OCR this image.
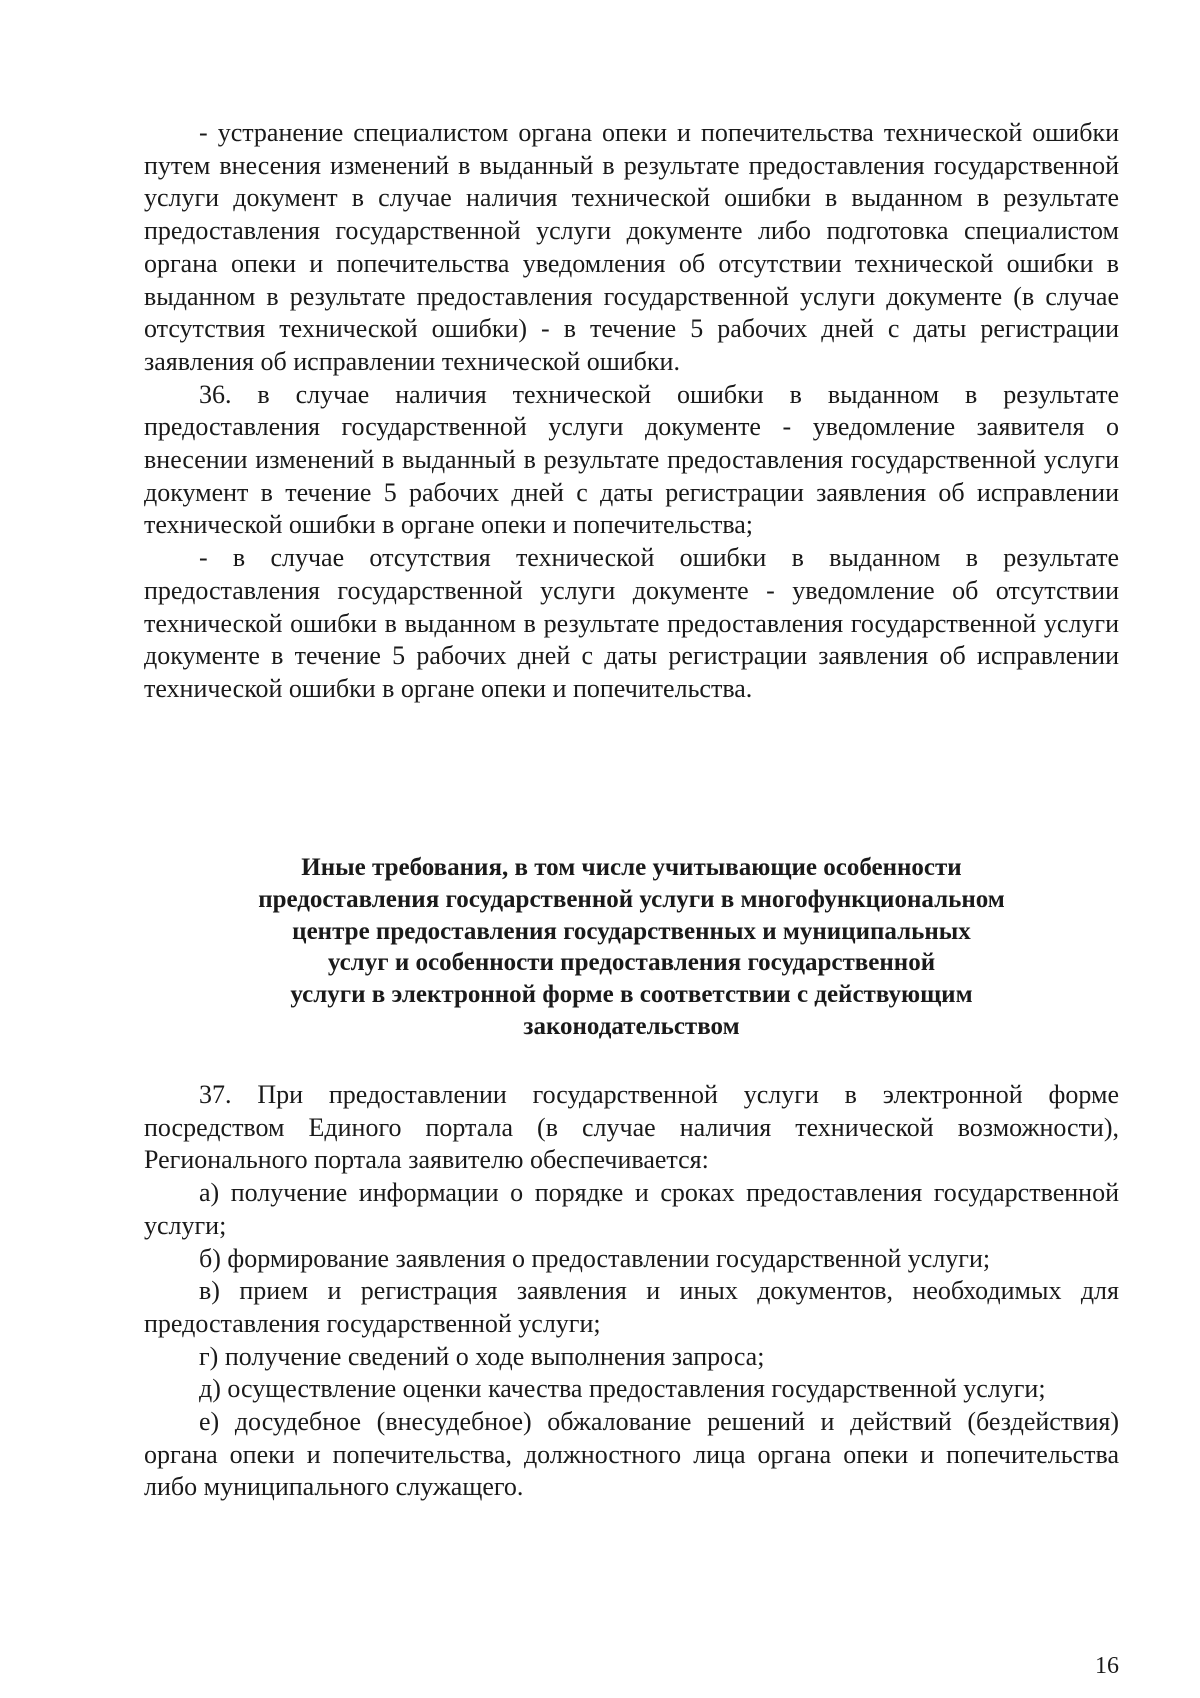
- устранение специалистом органа опеки и попечительства технической ошибки путем внесения изменений в выданный в результате предоставления государственной услуги документ в случае наличия технической ошибки в выданном в результате предоставления государственной услуги документе либо подготовка специалистом органа опеки и попечительства уведомления об отсутствии технической ошибки в выданном в результате предоставления государственной услуги документе (в случае отсутствия технической ошибки) - в течение 5 рабочих дней с даты регистрации заявления об исправлении технической ошибки.

36. в случае наличия технической ошибки в выданном в результате предоставления государственной услуги документе - уведомление заявителя о внесении изменений в выданный в результате предоставления государственной услуги документ в течение 5 рабочих дней с даты регистрации заявления об исправлении технической ошибки в органе опеки и попечительства;

- в случае отсутствия технической ошибки в выданном в результате предоставления государственной услуги документе - уведомление об отсутствии технической ошибки в выданном в результате предоставления государственной услуги документе в течение 5 рабочих дней с даты регистрации заявления об исправлении технической ошибки в органе опеки и попечительства.

Иные требования, в том числе учитывающие особенности
предоставления государственной услуги в многофункциональном
центре предоставления государственных и муниципальных
услуг и особенности предоставления государственной
услуги в электронной форме в соответствии с действующим
законодательством

37. При предоставлении государственной услуги в электронной форме посредством Единого портала (в случае наличия технической возможности), Регионального портала заявителю обеспечивается:

а) получение информации о порядке и сроках предоставления государственной услуги;

б) формирование заявления о предоставлении государственной услуги;

в) прием и регистрация заявления и иных документов, необходимых для предоставления государственной услуги;

г) получение сведений о ходе выполнения запроса;

д) осуществление оценки качества предоставления государственной услуги;

е) досудебное (внесудебное) обжалование решений и действий (бездействия) органа опеки и попечительства, должностного лица органа опеки и попечительства либо муниципального служащего.

16
